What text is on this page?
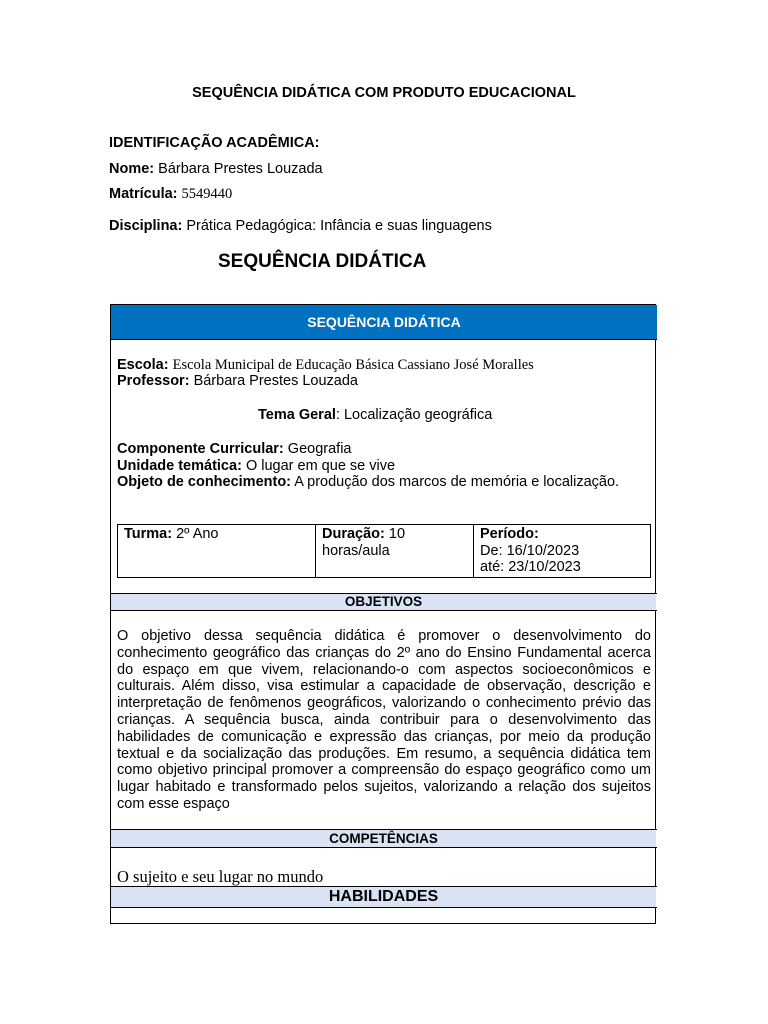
SEQUÊNCIA DIDÁTICA COM PRODUTO EDUCACIONAL
IDENTIFICAÇÃO ACADÊMICA:
Nome: Bárbara Prestes Louzada
Matrícula: 5549440
Disciplina: Prática Pedagógica: Infância e suas linguagens
SEQUÊNCIA DIDÁTICA
SEQUÊNCIA DIDÁTICA
Escola: Escola Municipal de Educação Básica Cassiano José Moralles
Professor: Bárbara Prestes Louzada
Tema Geral: Localização geográfica
Componente Curricular: Geografia
Unidade temática: O lugar em que se vive
Objeto de conhecimento: A produção dos marcos de memória e localização.
Turma: 2º Ano	Duração: 10 horas/aula	Período:
De: 16/10/2023
até: 23/10/2023
OBJETIVOS
O objetivo dessa sequência didática é promover o desenvolvimento do conhecimento geográfico das crianças do 2º ano do Ensino Fundamental acerca do espaço em que vivem, relacionando-o com aspectos socioeconômicos e culturais. Além disso, visa estimular a capacidade de observação, descrição e interpretação de fenômenos geográficos, valorizando o conhecimento prévio das crianças. A sequência busca, ainda contribuir para o desenvolvimento das habilidades de comunicação e expressão das crianças, por meio da produção textual e da socialização das produções. Em resumo, a sequência didática tem como objetivo principal promover a compreensão do espaço geográfico como um lugar habitado e transformado pelos sujeitos, valorizando a relação dos sujeitos com esse espaço
COMPETÊNCIAS
O sujeito e seu lugar no mundo
HABILIDADES
